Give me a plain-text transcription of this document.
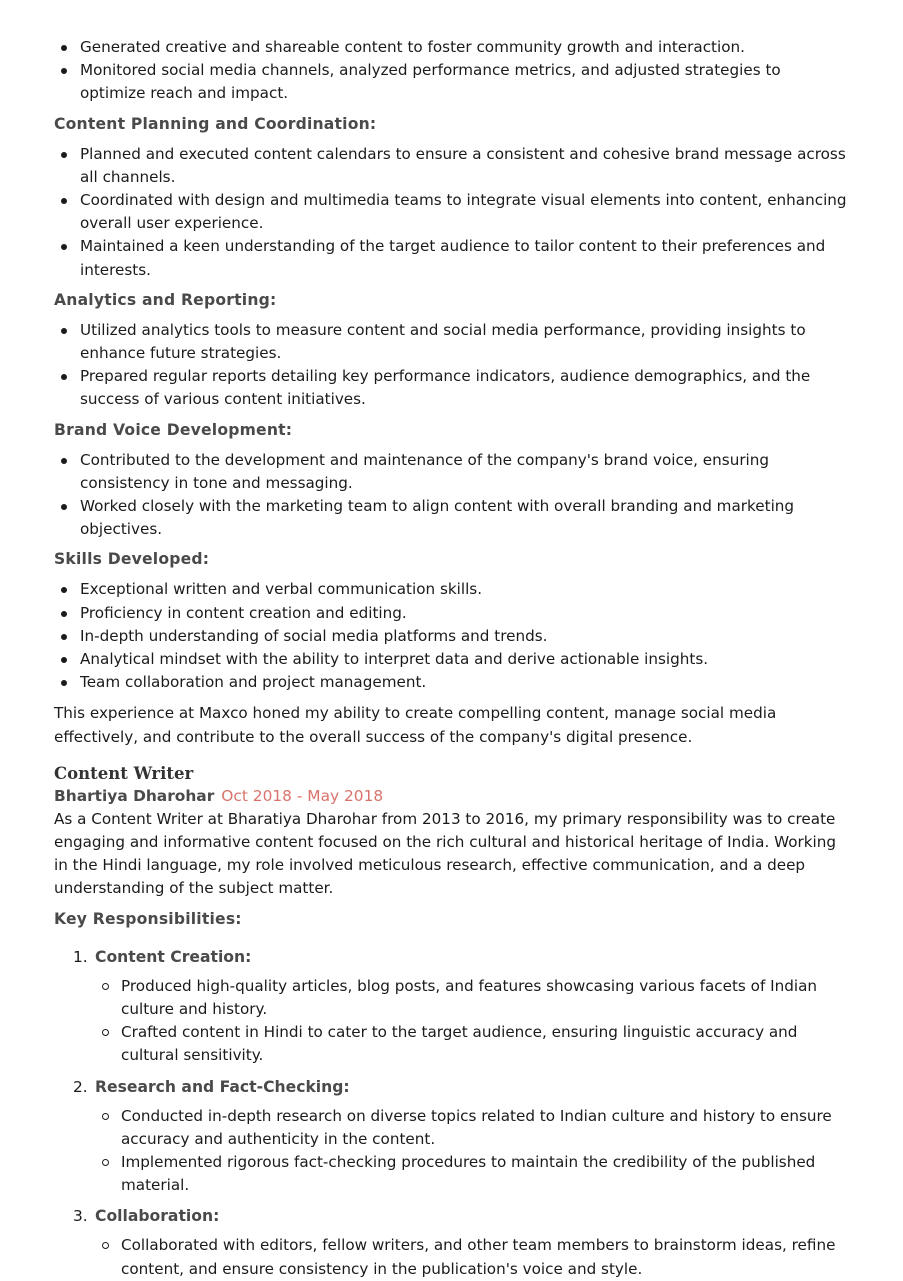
Generated creative and shareable content to foster community growth and interaction.
Monitored social media channels, analyzed performance metrics, and adjusted strategies to optimize reach and impact.
Content Planning and Coordination:
Planned and executed content calendars to ensure a consistent and cohesive brand message across all channels.
Coordinated with design and multimedia teams to integrate visual elements into content, enhancing overall user experience.
Maintained a keen understanding of the target audience to tailor content to their preferences and interests.
Analytics and Reporting:
Utilized analytics tools to measure content and social media performance, providing insights to enhance future strategies.
Prepared regular reports detailing key performance indicators, audience demographics, and the success of various content initiatives.
Brand Voice Development:
Contributed to the development and maintenance of the company's brand voice, ensuring consistency in tone and messaging.
Worked closely with the marketing team to align content with overall branding and marketing objectives.
Skills Developed:
Exceptional written and verbal communication skills.
Proficiency in content creation and editing.
In-depth understanding of social media platforms and trends.
Analytical mindset with the ability to interpret data and derive actionable insights.
Team collaboration and project management.

This experience at Maxco honed my ability to create compelling content, manage social media effectively, and contribute to the overall success of the company's digital presence.

Content Writer
Bhartiya Dharohar Oct 2018 - May 2018

As a Content Writer at Bharatiya Dharohar from 2013 to 2016, my primary responsibility was to create engaging and informative content focused on the rich cultural and historical heritage of India. Working in the Hindi language, my role involved meticulous research, effective communication, and a deep understanding of the subject matter.

Key Responsibilities:
1. Content Creation:
Produced high-quality articles, blog posts, and features showcasing various facets of Indian culture and history.
Crafted content in Hindi to cater to the target audience, ensuring linguistic accuracy and cultural sensitivity.
2. Research and Fact-Checking:
Conducted in-depth research on diverse topics related to Indian culture and history to ensure accuracy and authenticity in the content.
Implemented rigorous fact-checking procedures to maintain the credibility of the published material.
3. Collaboration:
Collaborated with editors, fellow writers, and other team members to brainstorm ideas, refine content, and ensure consistency in the publication's voice and style.
